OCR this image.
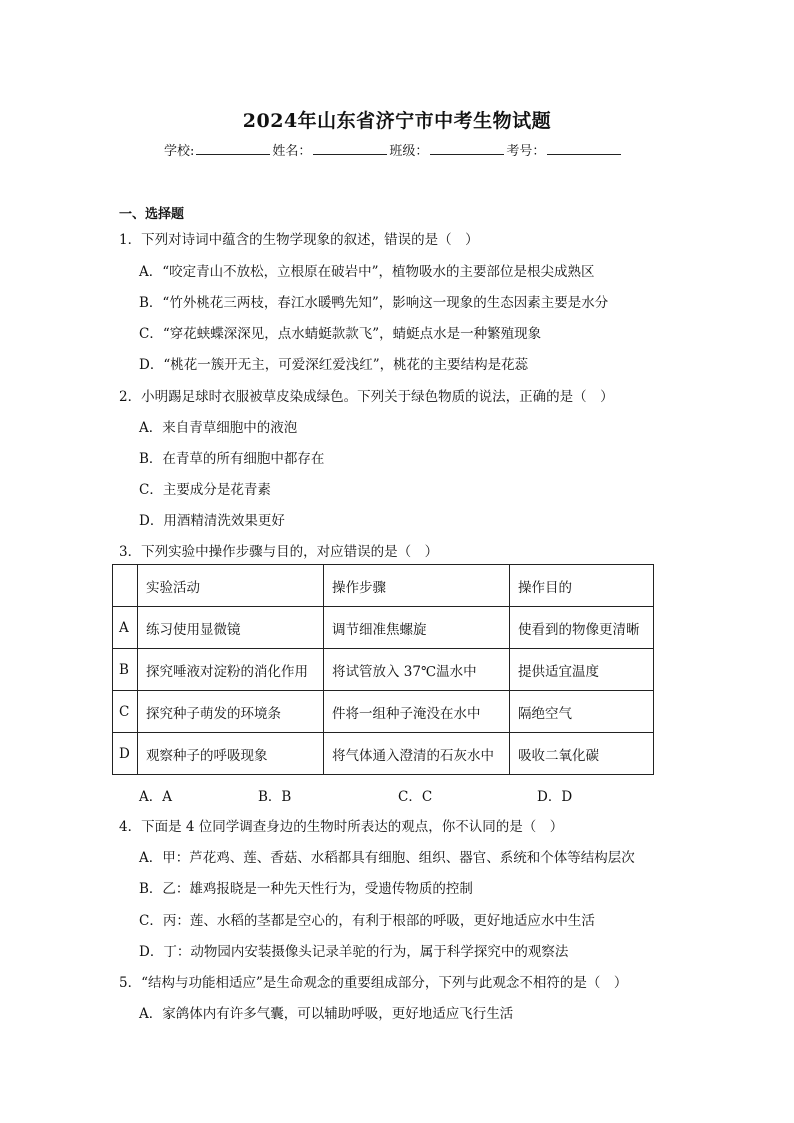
2024年山东省济宁市中考生物试题
学校:	姓名：	班级：	考号：
一、选择题
1．下列对诗词中蕴含的生物学现象的叙述，错误的是（　）
A．“咬定青山不放松，立根原在破岩中”，植物吸水的主要部位是根尖成熟区
B．“竹外桃花三两枝，春江水暖鸭先知”，影响这一现象的生态因素主要是水分
C．“穿花蛱蝶深深见，点水蜻蜓款款飞”，蜻蜓点水是一种繁殖现象
D．“桃花一簇开无主，可爱深红爱浅红”，桃花的主要结构是花蕊
2．小明踢足球时衣服被草皮染成绿色。下列关于绿色物质的说法，正确的是（　）
A．来自青草细胞中的液泡
B．在青草的所有细胞中都存在
C．主要成分是花青素
D．用酒精清洗效果更好
3．下列实验中操作步骤与目的，对应错误的是（　）
	实验活动	操作步骤	操作目的
A	练习使用显微镜	调节细准焦螺旋	使看到的物像更清晰
B	探究唾液对淀粉的消化作用	将试管放入 37℃温水中	提供适宜温度
C	探究种子萌发的环境条	件将一组种子淹没在水中	隔绝空气
D	观察种子的呼吸现象	将气体通入澄清的石灰水中	吸收二氧化碳
A．A	B．B	C．C	D．D
4．下面是 4 位同学调查身边的生物时所表达的观点，你不认同的是（　）
A．甲：芦花鸡、莲、香菇、水稻都具有细胞、组织、器官、系统和个体等结构层次
B．乙：雄鸡报晓是一种先天性行为，受遗传物质的控制
C．丙：莲、水稻的茎都是空心的，有利于根部的呼吸，更好地适应水中生活
D．丁：动物园内安装摄像头记录羊驼的行为，属于科学探究中的观察法
5．“结构与功能相适应”是生命观念的重要组成部分，下列与此观念不相符的是（　）
A．家鸽体内有许多气囊，可以辅助呼吸，更好地适应飞行生活
